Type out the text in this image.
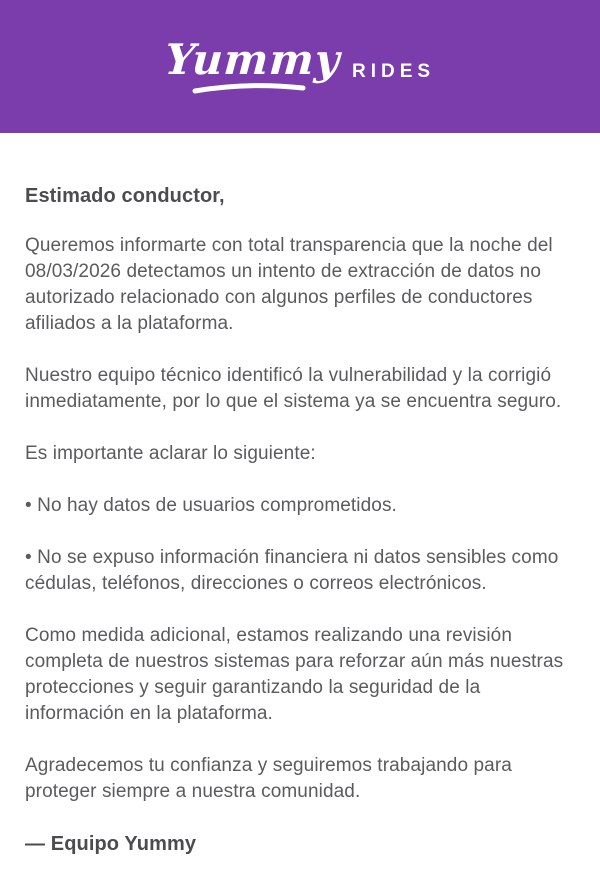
Yummy RIDES

Estimado conductor,

Queremos informarte con total transparencia que la noche del 08/03/2026 detectamos un intento de extracción de datos no autorizado relacionado con algunos perfiles de conductores afiliados a la plataforma.

Nuestro equipo técnico identificó la vulnerabilidad y la corrigió inmediatamente, por lo que el sistema ya se encuentra seguro.

Es importante aclarar lo siguiente:

• No hay datos de usuarios comprometidos.

• No se expuso información financiera ni datos sensibles como cédulas, teléfonos, direcciones o correos electrónicos.

Como medida adicional, estamos realizando una revisión completa de nuestros sistemas para reforzar aún más nuestras protecciones y seguir garantizando la seguridad de la información en la plataforma.

Agradecemos tu confianza y seguiremos trabajando para proteger siempre a nuestra comunidad.

— Equipo Yummy
